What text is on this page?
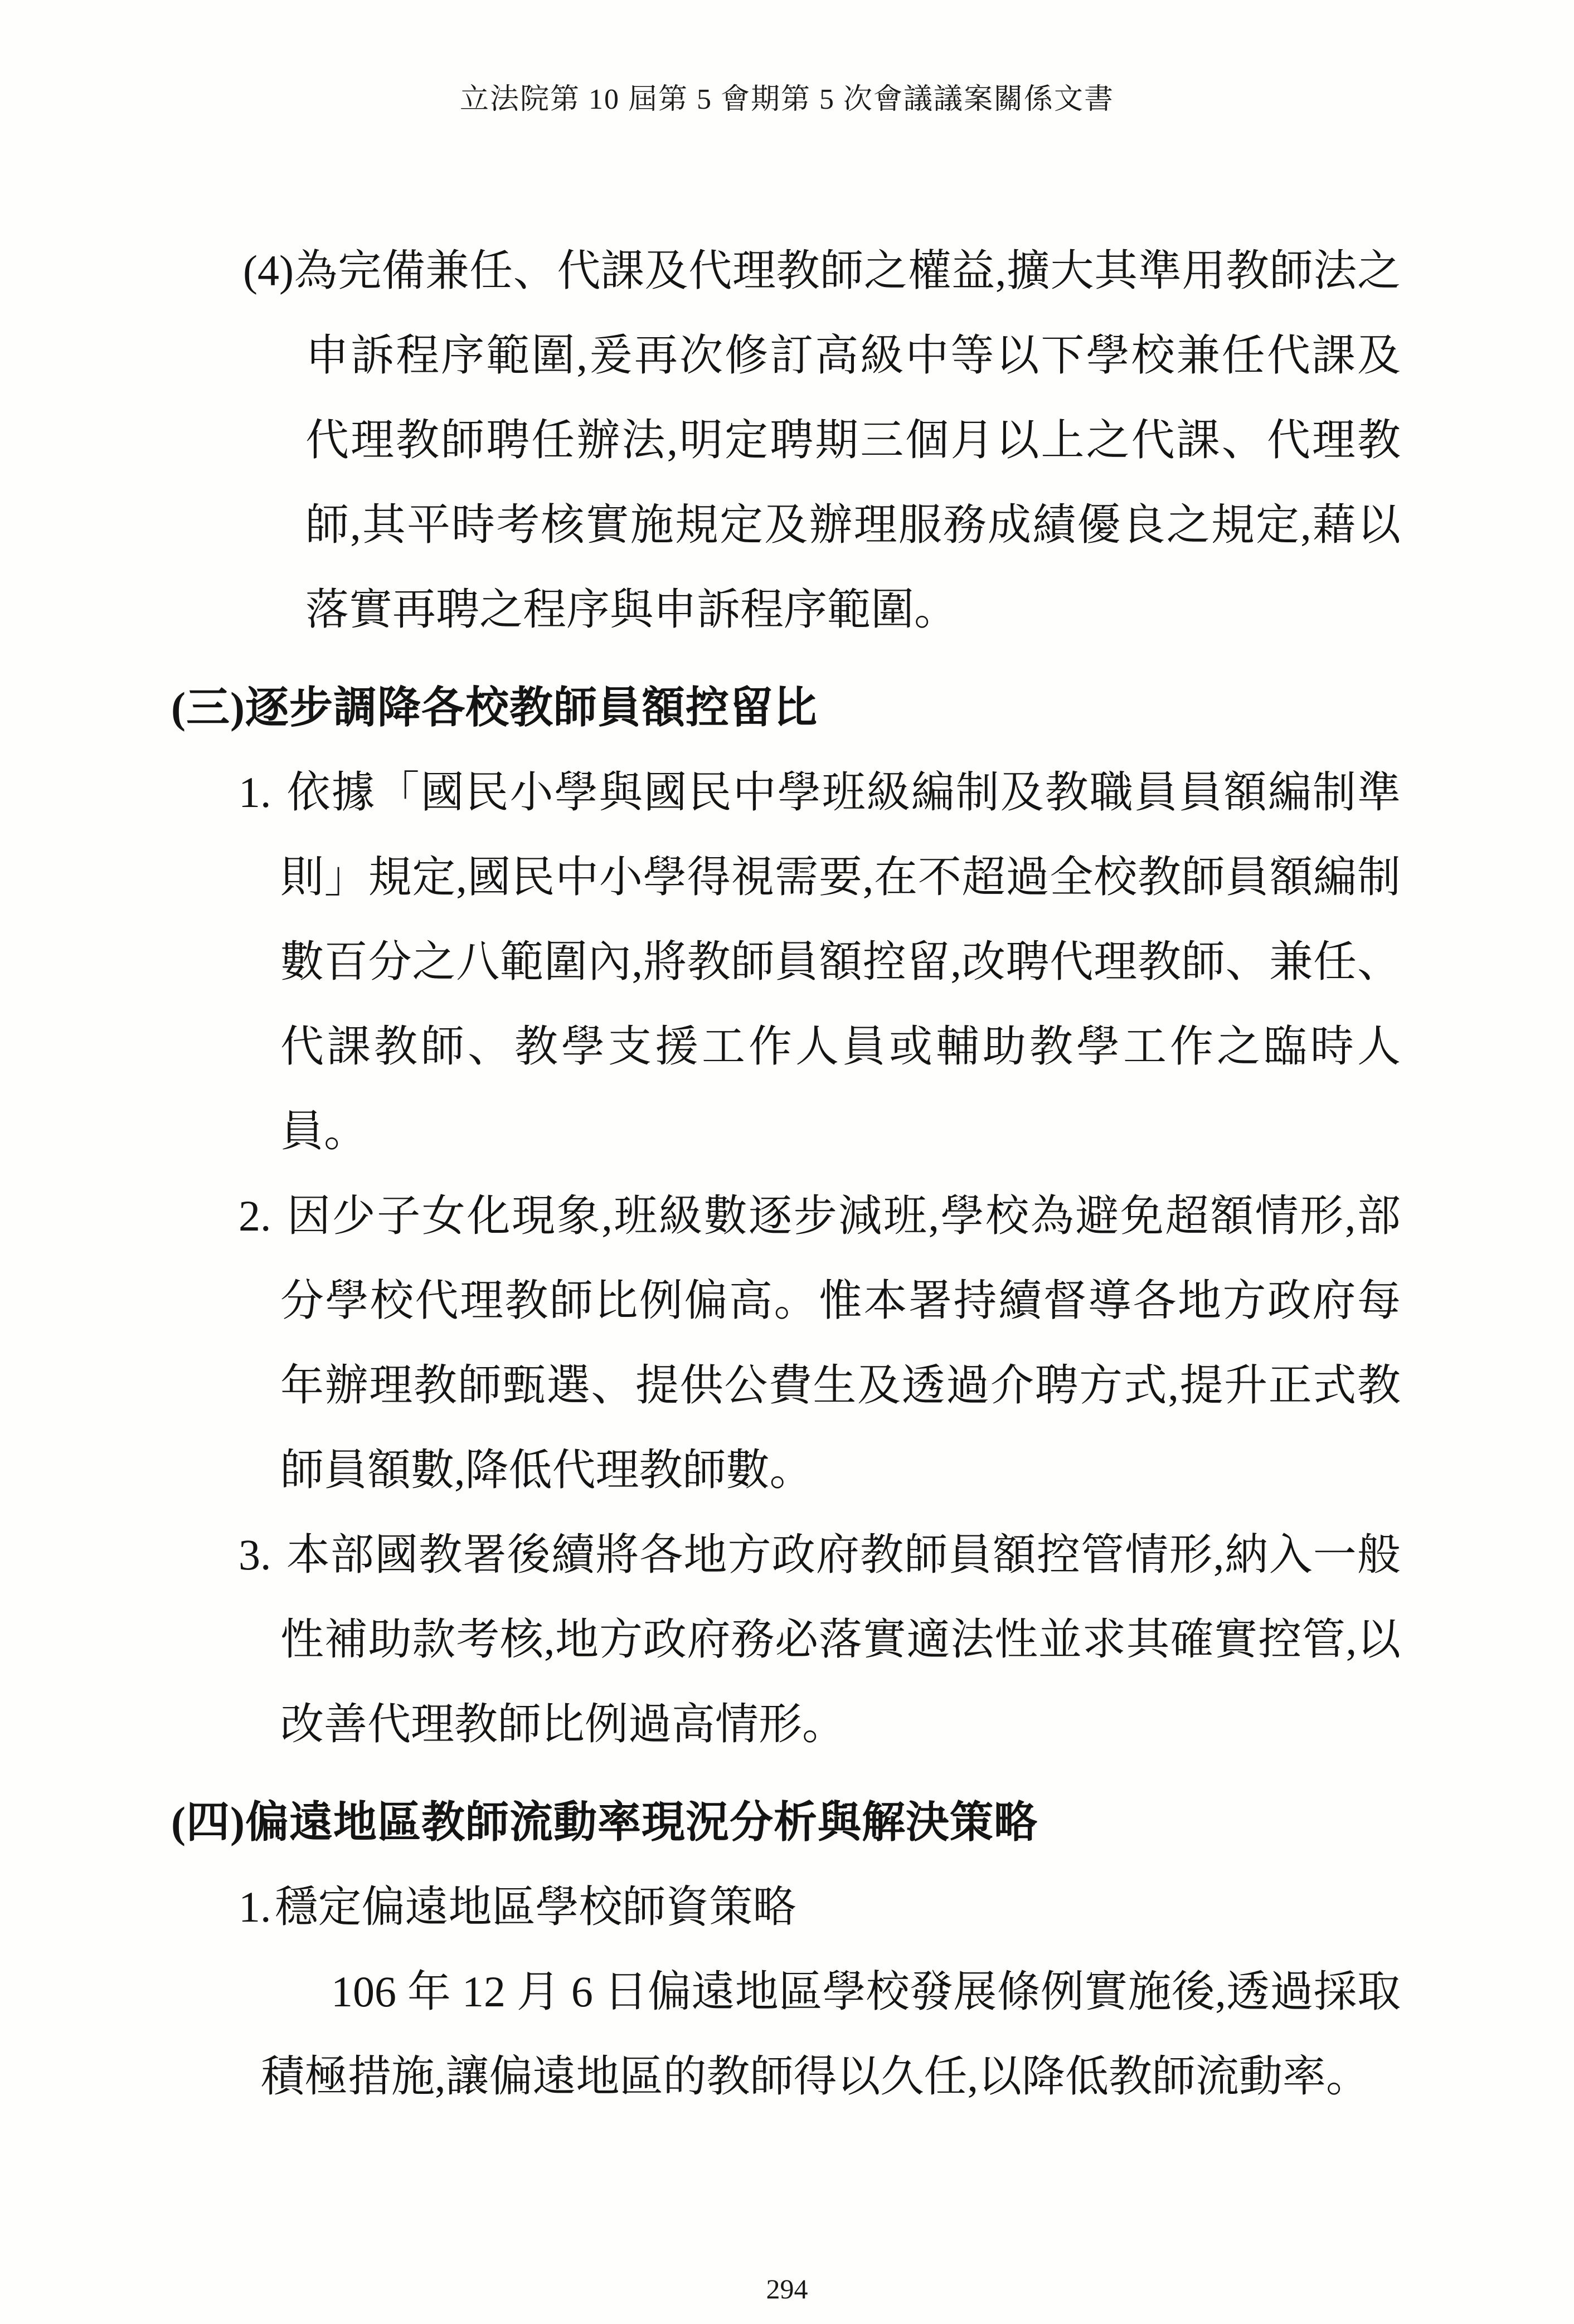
立法院第 10 屆第 5 會期第 5 次會議議案關係文書

(4)為完備兼任、代課及代理教師之權益,擴大其準用教師法之申訴程序範圍,爰再次修訂高級中等以下學校兼任代課及代理教師聘任辦法,明定聘期三個月以上之代課、代理教師,其平時考核實施規定及辦理服務成績優良之規定,藉以落實再聘之程序與申訴程序範圍。

(三)逐步調降各校教師員額控留比

1. 依據「國民小學與國民中學班級編制及教職員員額編制準則」規定,國民中小學得視需要,在不超過全校教師員額編制數百分之八範圍內,將教師員額控留,改聘代理教師、兼任、代課教師、教學支援工作人員或輔助教學工作之臨時人員。

2. 因少子女化現象,班級數逐步減班,學校為避免超額情形,部分學校代理教師比例偏高。惟本署持續督導各地方政府每年辦理教師甄選、提供公費生及透過介聘方式,提升正式教師員額數,降低代理教師數。

3. 本部國教署後續將各地方政府教師員額控管情形,納入一般性補助款考核,地方政府務必落實適法性並求其確實控管,以改善代理教師比例過高情形。

(四)偏遠地區教師流動率現況分析與解決策略

1.穩定偏遠地區學校師資策略

106 年 12 月 6 日偏遠地區學校發展條例實施後,透過採取積極措施,讓偏遠地區的教師得以久任,以降低教師流動率。

294
